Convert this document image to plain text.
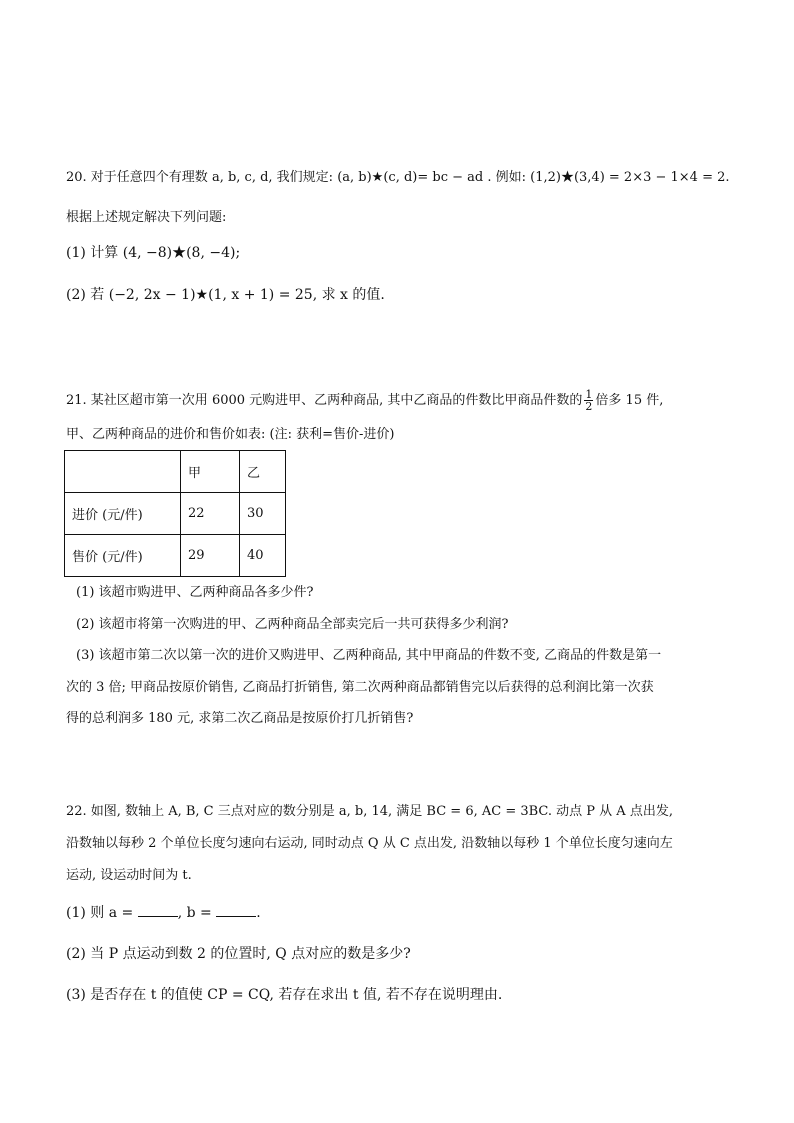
20. 对于任意四个有理数 a, b, c, d, 我们规定: (a, b)★(c, d)= bc − ad . 例如: (1,2)★(3,4) = 2×3 − 1×4 = 2.
根据上述规定解决下列问题:
(1) 计算 (4, −8)★(8, −4);
(2) 若 (−2, 2x − 1)★(1, x + 1) = 25, 求 x 的值.
21. 某社区超市第一次用 6000 元购进甲、乙两种商品, 其中乙商品的件数比甲商品件数的 $\frac{1}{2}$ 倍多 15 件,
甲、乙两种商品的进价和售价如表: (注: 获利=售价-进价)
	甲	乙
进价 (元/件)	22	30
售价 (元/件)	29	40
(1) 该超市购进甲、乙两种商品各多少件?
(2) 该超市将第一次购进的甲、乙两种商品全部卖完后一共可获得多少利润?
(3) 该超市第二次以第一次的进价又购进甲、乙两种商品, 其中甲商品的件数不变, 乙商品的件数是第一
次的 3 倍; 甲商品按原价销售, 乙商品打折销售, 第二次两种商品都销售完以后获得的总利润比第一次获
得的总利润多 180 元, 求第二次乙商品是按原价打几折销售?
22. 如图, 数轴上 A, B, C 三点对应的数分别是 a, b, 14, 满足 BC = 6, AC = 3BC. 动点 P 从 A 点出发,
沿数轴以每秒 2 个单位长度匀速向右运动, 同时动点 Q 从 C 点出发, 沿数轴以每秒 1 个单位长度匀速向左
运动, 设运动时间为 t.
(1) 则 a =	, b =	.
(2) 当 P 点运动到数 2 的位置时, Q 点对应的数是多少?
(3) 是否存在 t 的值使 CP = CQ, 若存在求出 t 值, 若不存在说明理由.
